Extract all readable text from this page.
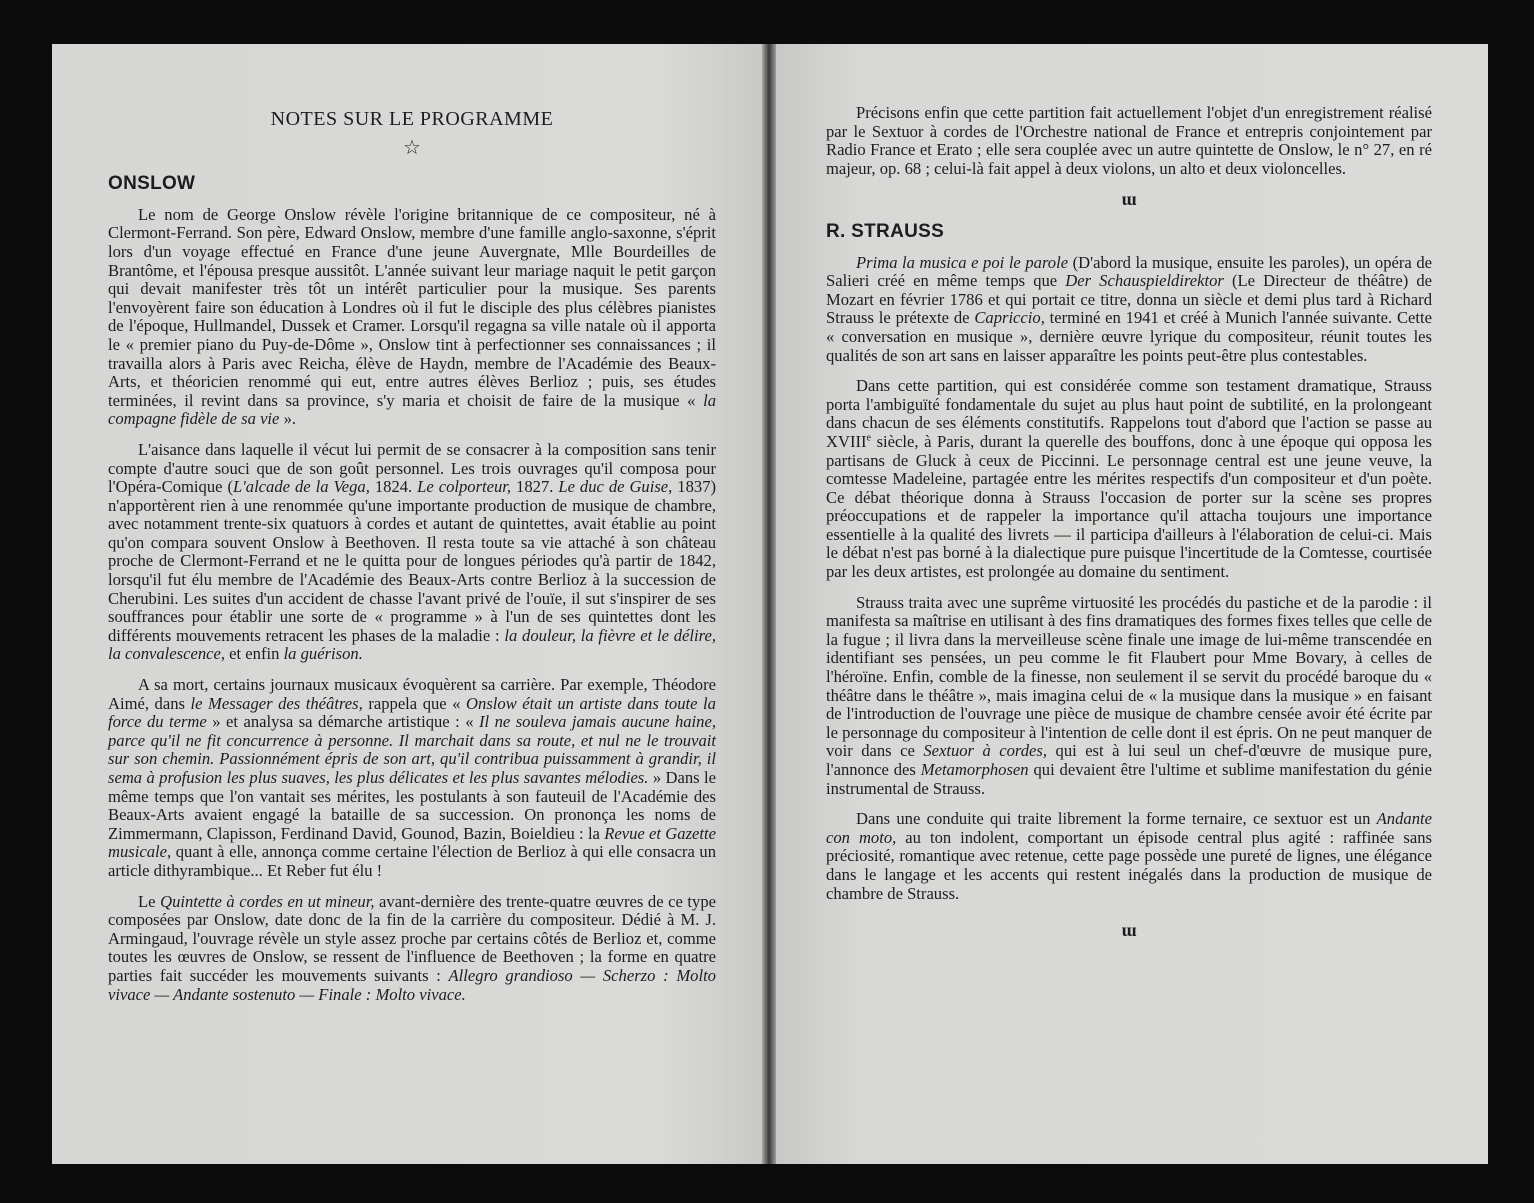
NOTES SUR LE PROGRAMME
☆
ONSLOW

Le nom de George Onslow révèle l'origine britannique de ce compositeur, né à Clermont-Ferrand. Son père, Edward Onslow, membre d'une famille anglo-saxonne, s'éprit lors d'un voyage effectué en France d'une jeune Auvergnate, Mlle Bourdeilles de Brantôme, et l'épousa presque aussitôt. L'année suivant leur mariage naquit le petit garçon qui devait manifester très tôt un intérêt particulier pour la musique. Ses parents l'envoyèrent faire son éducation à Londres où il fut le disciple des plus célèbres pianistes de l'époque, Hullmandel, Dussek et Cramer. Lorsqu'il regagna sa ville natale où il apporta le « premier piano du Puy-de-Dôme », Onslow tint à perfectionner ses connaissances ; il travailla alors à Paris avec Reicha, élève de Haydn, membre de l'Académie des Beaux-Arts, et théoricien renommé qui eut, entre autres élèves Berlioz ; puis, ses études terminées, il revint dans sa province, s'y maria et choisit de faire de la musique « la compagne fidèle de sa vie ».

L'aisance dans laquelle il vécut lui permit de se consacrer à la composition sans tenir compte d'autre souci que de son goût personnel. Les trois ouvrages qu'il composa pour l'Opéra-Comique (L'alcade de la Vega, 1824. Le colporteur, 1827. Le duc de Guise, 1837) n'apportèrent rien à une renommée qu'une importante production de musique de chambre, avec notamment trente-six quatuors à cordes et autant de quintettes, avait établie au point qu'on compara souvent Onslow à Beethoven. Il resta toute sa vie attaché à son château proche de Clermont-Ferrand et ne le quitta pour de longues périodes qu'à partir de 1842, lorsqu'il fut élu membre de l'Académie des Beaux-Arts contre Berlioz à la succession de Cherubini. Les suites d'un accident de chasse l'avant privé de l'ouïe, il sut s'inspirer de ses souffrances pour établir une sorte de « programme » à l'un de ses quintettes dont les différents mouvements retracent les phases de la maladie : la douleur, la fièvre et le délire, la convalescence, et enfin la guérison.

A sa mort, certains journaux musicaux évoquèrent sa carrière. Par exemple, Théodore Aimé, dans le Messager des théâtres, rappela que « Onslow était un artiste dans toute la force du terme » et analysa sa démarche artistique : « Il ne souleva jamais aucune haine, parce qu'il ne fit concurrence à personne. Il marchait dans sa route, et nul ne le trouvait sur son chemin. Passionnément épris de son art, qu'il contribua puissamment à grandir, il sema à profusion les plus suaves, les plus délicates et les plus savantes mélodies. » Dans le même temps que l'on vantait ses mérites, les postulants à son fauteuil de l'Académie des Beaux-Arts avaient engagé la bataille de sa succession. On prononça les noms de Zimmermann, Clapisson, Ferdinand David, Gounod, Bazin, Boieldieu : la Revue et Gazette musicale, quant à elle, annonça comme certaine l'élection de Berlioz à qui elle consacra un article dithyrambique... Et Reber fut élu !

Le Quintette à cordes en ut mineur, avant-dernière des trente-quatre œuvres de ce type composées par Onslow, date donc de la fin de la carrière du compositeur. Dédié à M. J. Armingaud, l'ouvrage révèle un style assez proche par certains côtés de Berlioz et, comme toutes les œuvres de Onslow, se ressent de l'influence de Beethoven ; la forme en quatre parties fait succéder les mouvements suivants : Allegro grandioso — Scherzo : Molto vivace — Andante sostenuto — Finale : Molto vivace.

Précisons enfin que cette partition fait actuellement l'objet d'un enregistrement réalisé par le Sextuor à cordes de l'Orchestre national de France et entrepris conjointement par Radio France et Erato ; elle sera couplée avec un autre quintette de Onslow, le n° 27, en ré majeur, op. 68 ; celui-là fait appel à deux violons, un alto et deux violoncelles.

ɯ
R. STRAUSS

Prima la musica e poi le parole (D'abord la musique, ensuite les paroles), un opéra de Salieri créé en même temps que Der Schauspieldirektor (Le Directeur de théâtre) de Mozart en février 1786 et qui portait ce titre, donna un siècle et demi plus tard à Richard Strauss le prétexte de Capriccio, terminé en 1941 et créé à Munich l'année suivante. Cette « conversation en musique », dernière œuvre lyrique du compositeur, réunit toutes les qualités de son art sans en laisser apparaître les points peut-être plus contestables.

Dans cette partition, qui est considérée comme son testament dramatique, Strauss porta l'ambiguïté fondamentale du sujet au plus haut point de subtilité, en la prolongeant dans chacun de ses éléments constitutifs. Rappelons tout d'abord que l'action se passe au XVIIIe siècle, à Paris, durant la querelle des bouffons, donc à une époque qui opposa les partisans de Gluck à ceux de Piccinni. Le personnage central est une jeune veuve, la comtesse Madeleine, partagée entre les mérites respectifs d'un compositeur et d'un poète. Ce débat théorique donna à Strauss l'occasion de porter sur la scène ses propres préoccupations et de rappeler la importance qu'il attacha toujours une importance essentielle à la qualité des livrets — il participa d'ailleurs à l'élaboration de celui-ci. Mais le débat n'est pas borné à la dialectique pure puisque l'incertitude de la Comtesse, courtisée par les deux artistes, est prolongée au domaine du sentiment.

Strauss traita avec une suprême virtuosité les procédés du pastiche et de la parodie : il manifesta sa maîtrise en utilisant à des fins dramatiques des formes fixes telles que celle de la fugue ; il livra dans la merveilleuse scène finale une image de lui-même transcendée en identifiant ses pensées, un peu comme le fit Flaubert pour Mme Bovary, à celles de l'héroïne. Enfin, comble de la finesse, non seulement il se servit du procédé baroque du « théâtre dans le théâtre », mais imagina celui de « la musique dans la musique » en faisant de l'introduction de l'ouvrage une pièce de musique de chambre censée avoir été écrite par le personnage du compositeur à l'intention de celle dont il est épris. On ne peut manquer de voir dans ce Sextuor à cordes, qui est à lui seul un chef-d'œuvre de musique pure, l'annonce des Metamorphosen qui devaient être l'ultime et sublime manifestation du génie instrumental de Strauss.

Dans une conduite qui traite librement la forme ternaire, ce sextuor est un Andante con moto, au ton indolent, comportant un épisode central plus agité : raffinée sans préciosité, romantique avec retenue, cette page possède une pureté de lignes, une élégance dans le langage et les accents qui restent inégalés dans la production de musique de chambre de Strauss.

ɯ
